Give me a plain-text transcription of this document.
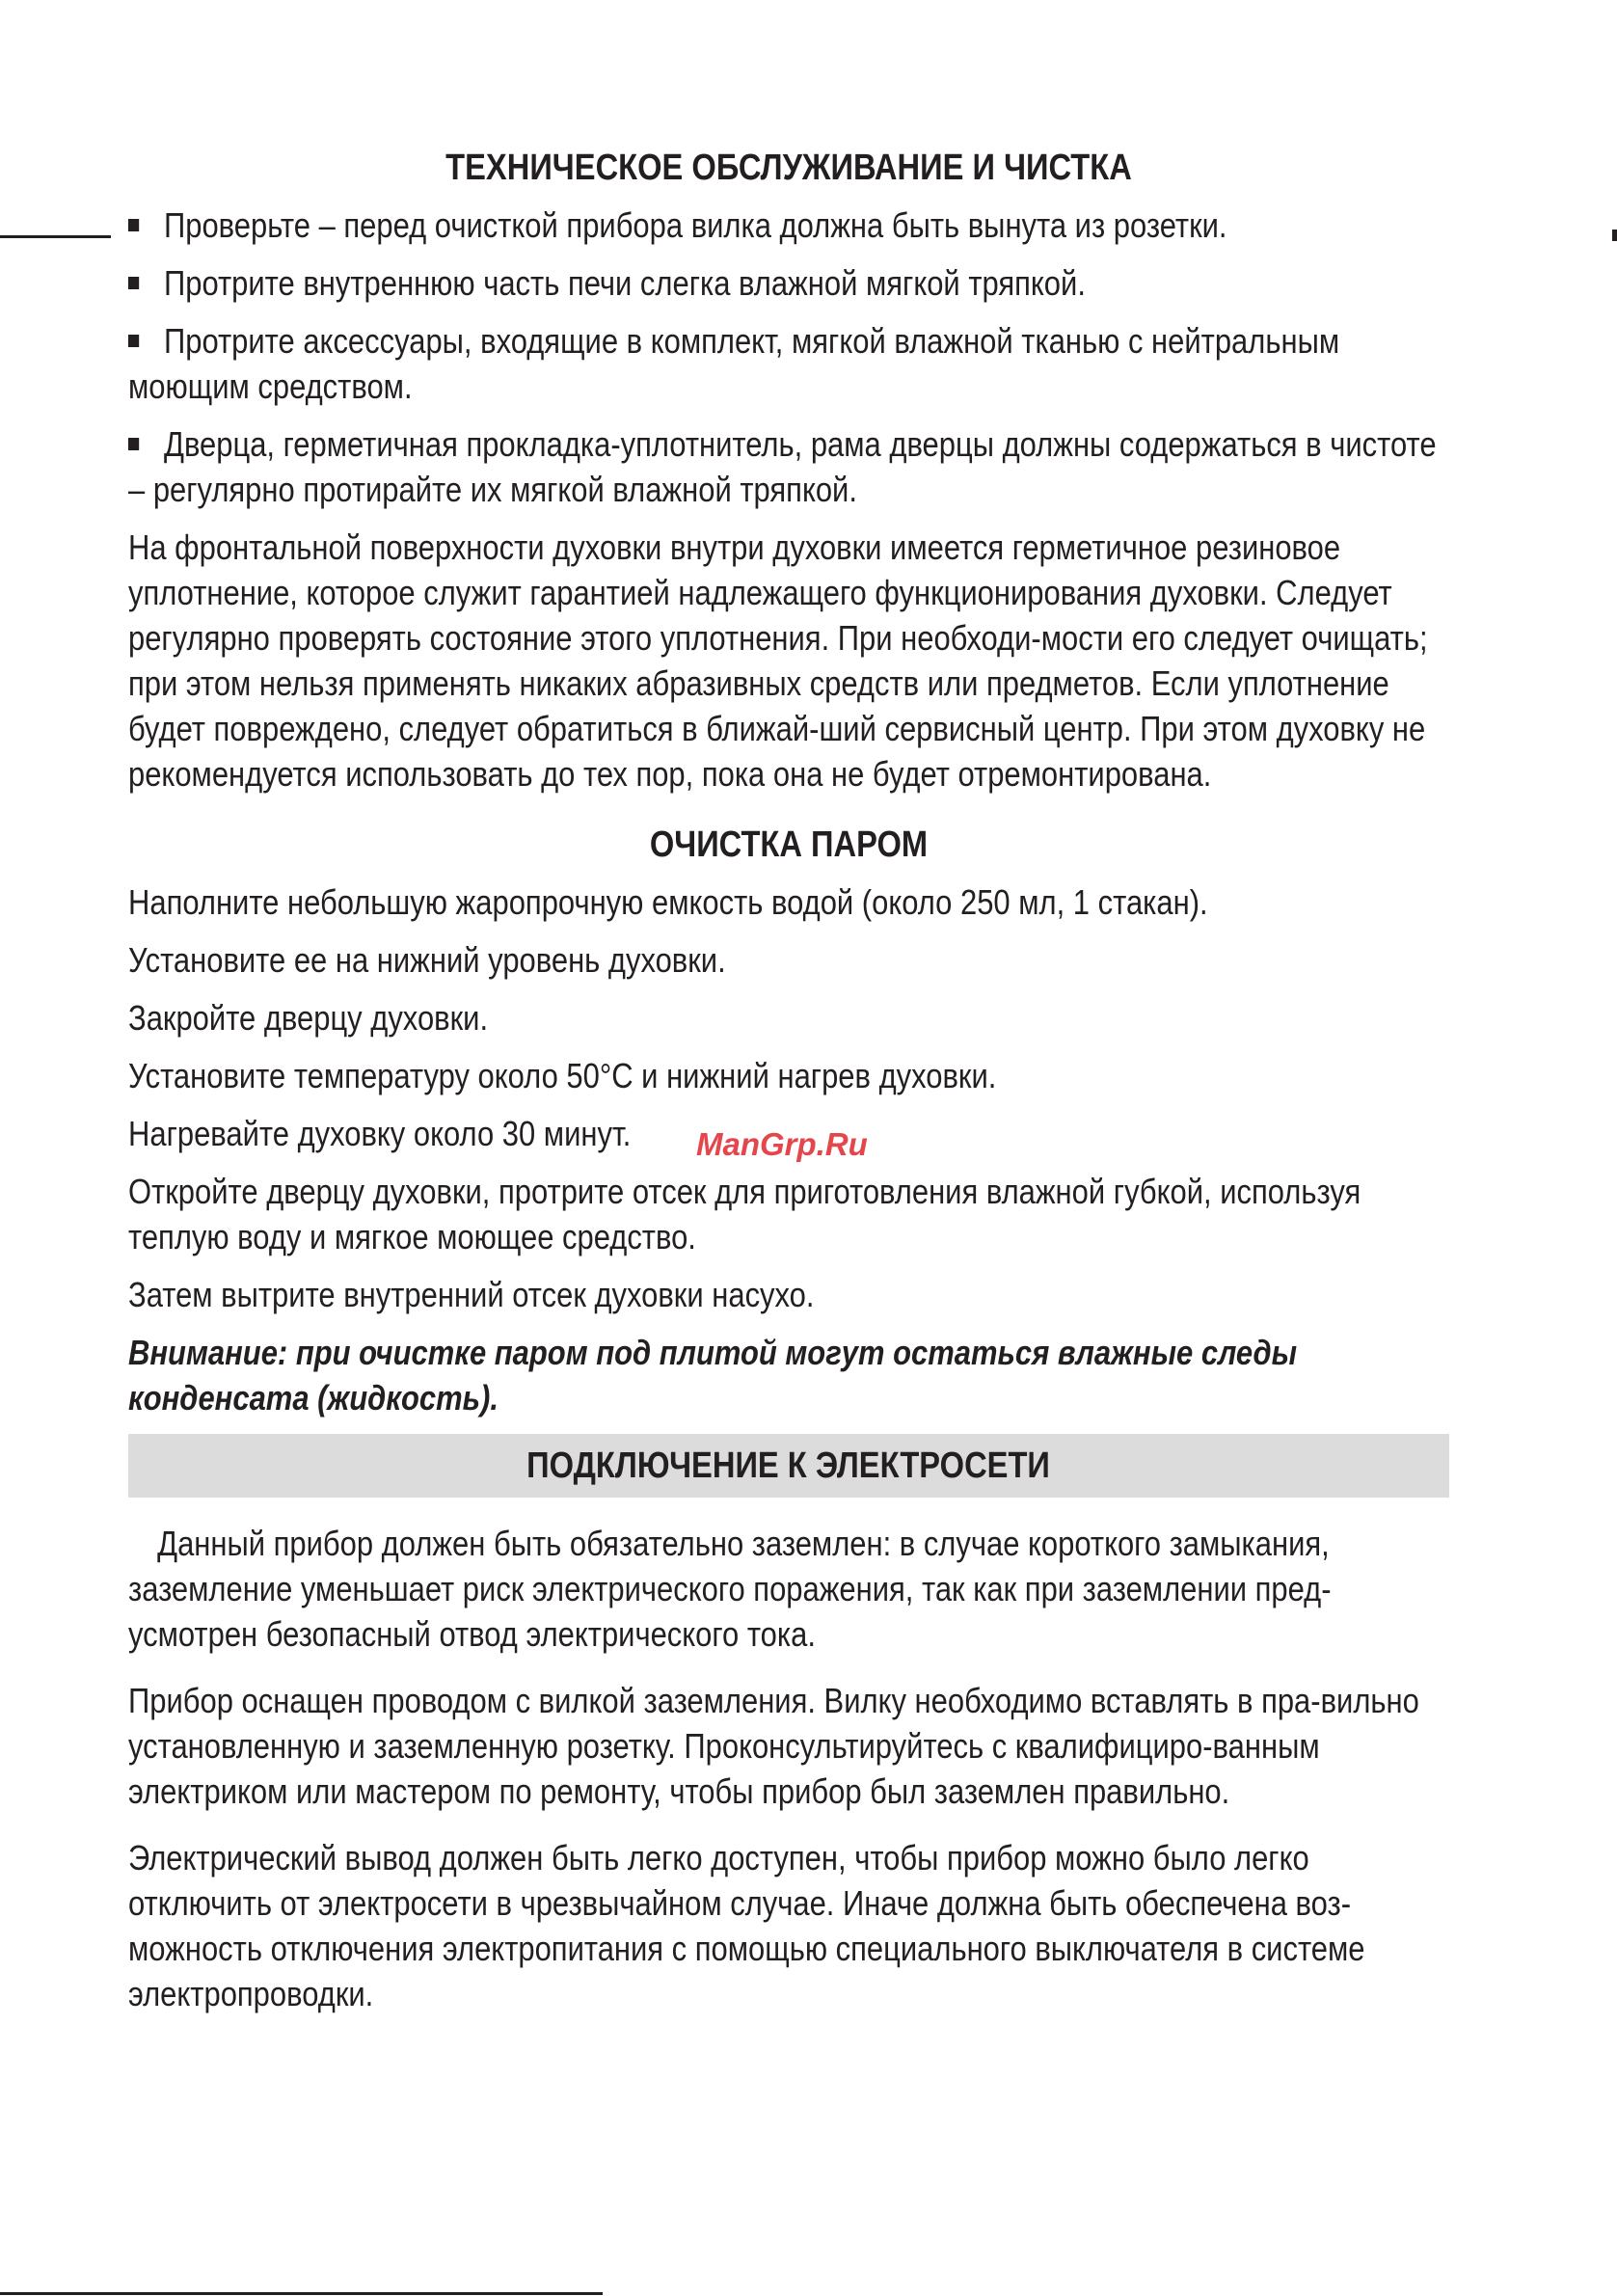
ТЕХНИЧЕСКОЕ ОБСЛУЖИВАНИЕ И ЧИСТКА
Проверьте – перед очисткой прибора вилка должна быть вынута из розетки.
Протрите внутреннюю часть печи слегка влажной мягкой тряпкой.
Протрите аксессуары, входящие в комплект, мягкой влажной тканью с нейтральным моющим средством.
Дверца, герметичная прокладка-уплотнитель, рама дверцы должны содержаться в чистоте – регулярно протирайте их мягкой влажной тряпкой.
На фронтальной поверхности духовки внутри духовки имеется герметичное резиновое уплотнение, которое служит гарантией надлежащего функционирования духовки. Следует регулярно проверять состояние этого уплотнения. При необходи-мости его следует очищать; при этом нельзя применять никаких абразивных средств или предметов. Если уплотнение будет повреждено, следует обратиться в ближай-ший сервисный центр. При этом духовку не рекомендуется использовать до тех пор, пока она не будет отремонтирована.
ОЧИСТКА ПАРОМ
Наполните небольшую жаропрочную емкость водой (около 250 мл, 1 стакан).
Установите ее на нижний уровень духовки.
Закройте дверцу духовки.
Установите температуру около 50°С и нижний нагрев духовки.
Нагревайте духовку около 30 минут.
Откройте дверцу духовки, протрите отсек для приготовления влажной губкой, используя теплую воду и мягкое моющее средство.
Затем вытрите внутренний отсек духовки насухо.
Внимание: при очистке паром под плитой могут остаться влажные следы конденсата (жидкость).
ПОДКЛЮЧЕНИЕ К ЭЛЕКТРОСЕТИ
Данный прибор должен быть обязательно заземлен: в случае короткого замыкания, заземление уменьшает риск электрического поражения, так как при заземлении пред-усмотрен безопасный отвод электрического тока.
Прибор оснащен проводом с вилкой заземления. Вилку необходимо вставлять в пра-вильно установленную и заземленную розетку. Проконсультируйтесь с квалифициро-ванным электриком или мастером по ремонту, чтобы прибор был заземлен правильно.
Электрический вывод должен быть легко доступен, чтобы прибор можно было легко отключить от электросети в чрезвычайном случае. Иначе должна быть обеспечена воз-можность отключения электропитания с помощью специального выключателя в системе электропроводки.
ManGrp.Ru
